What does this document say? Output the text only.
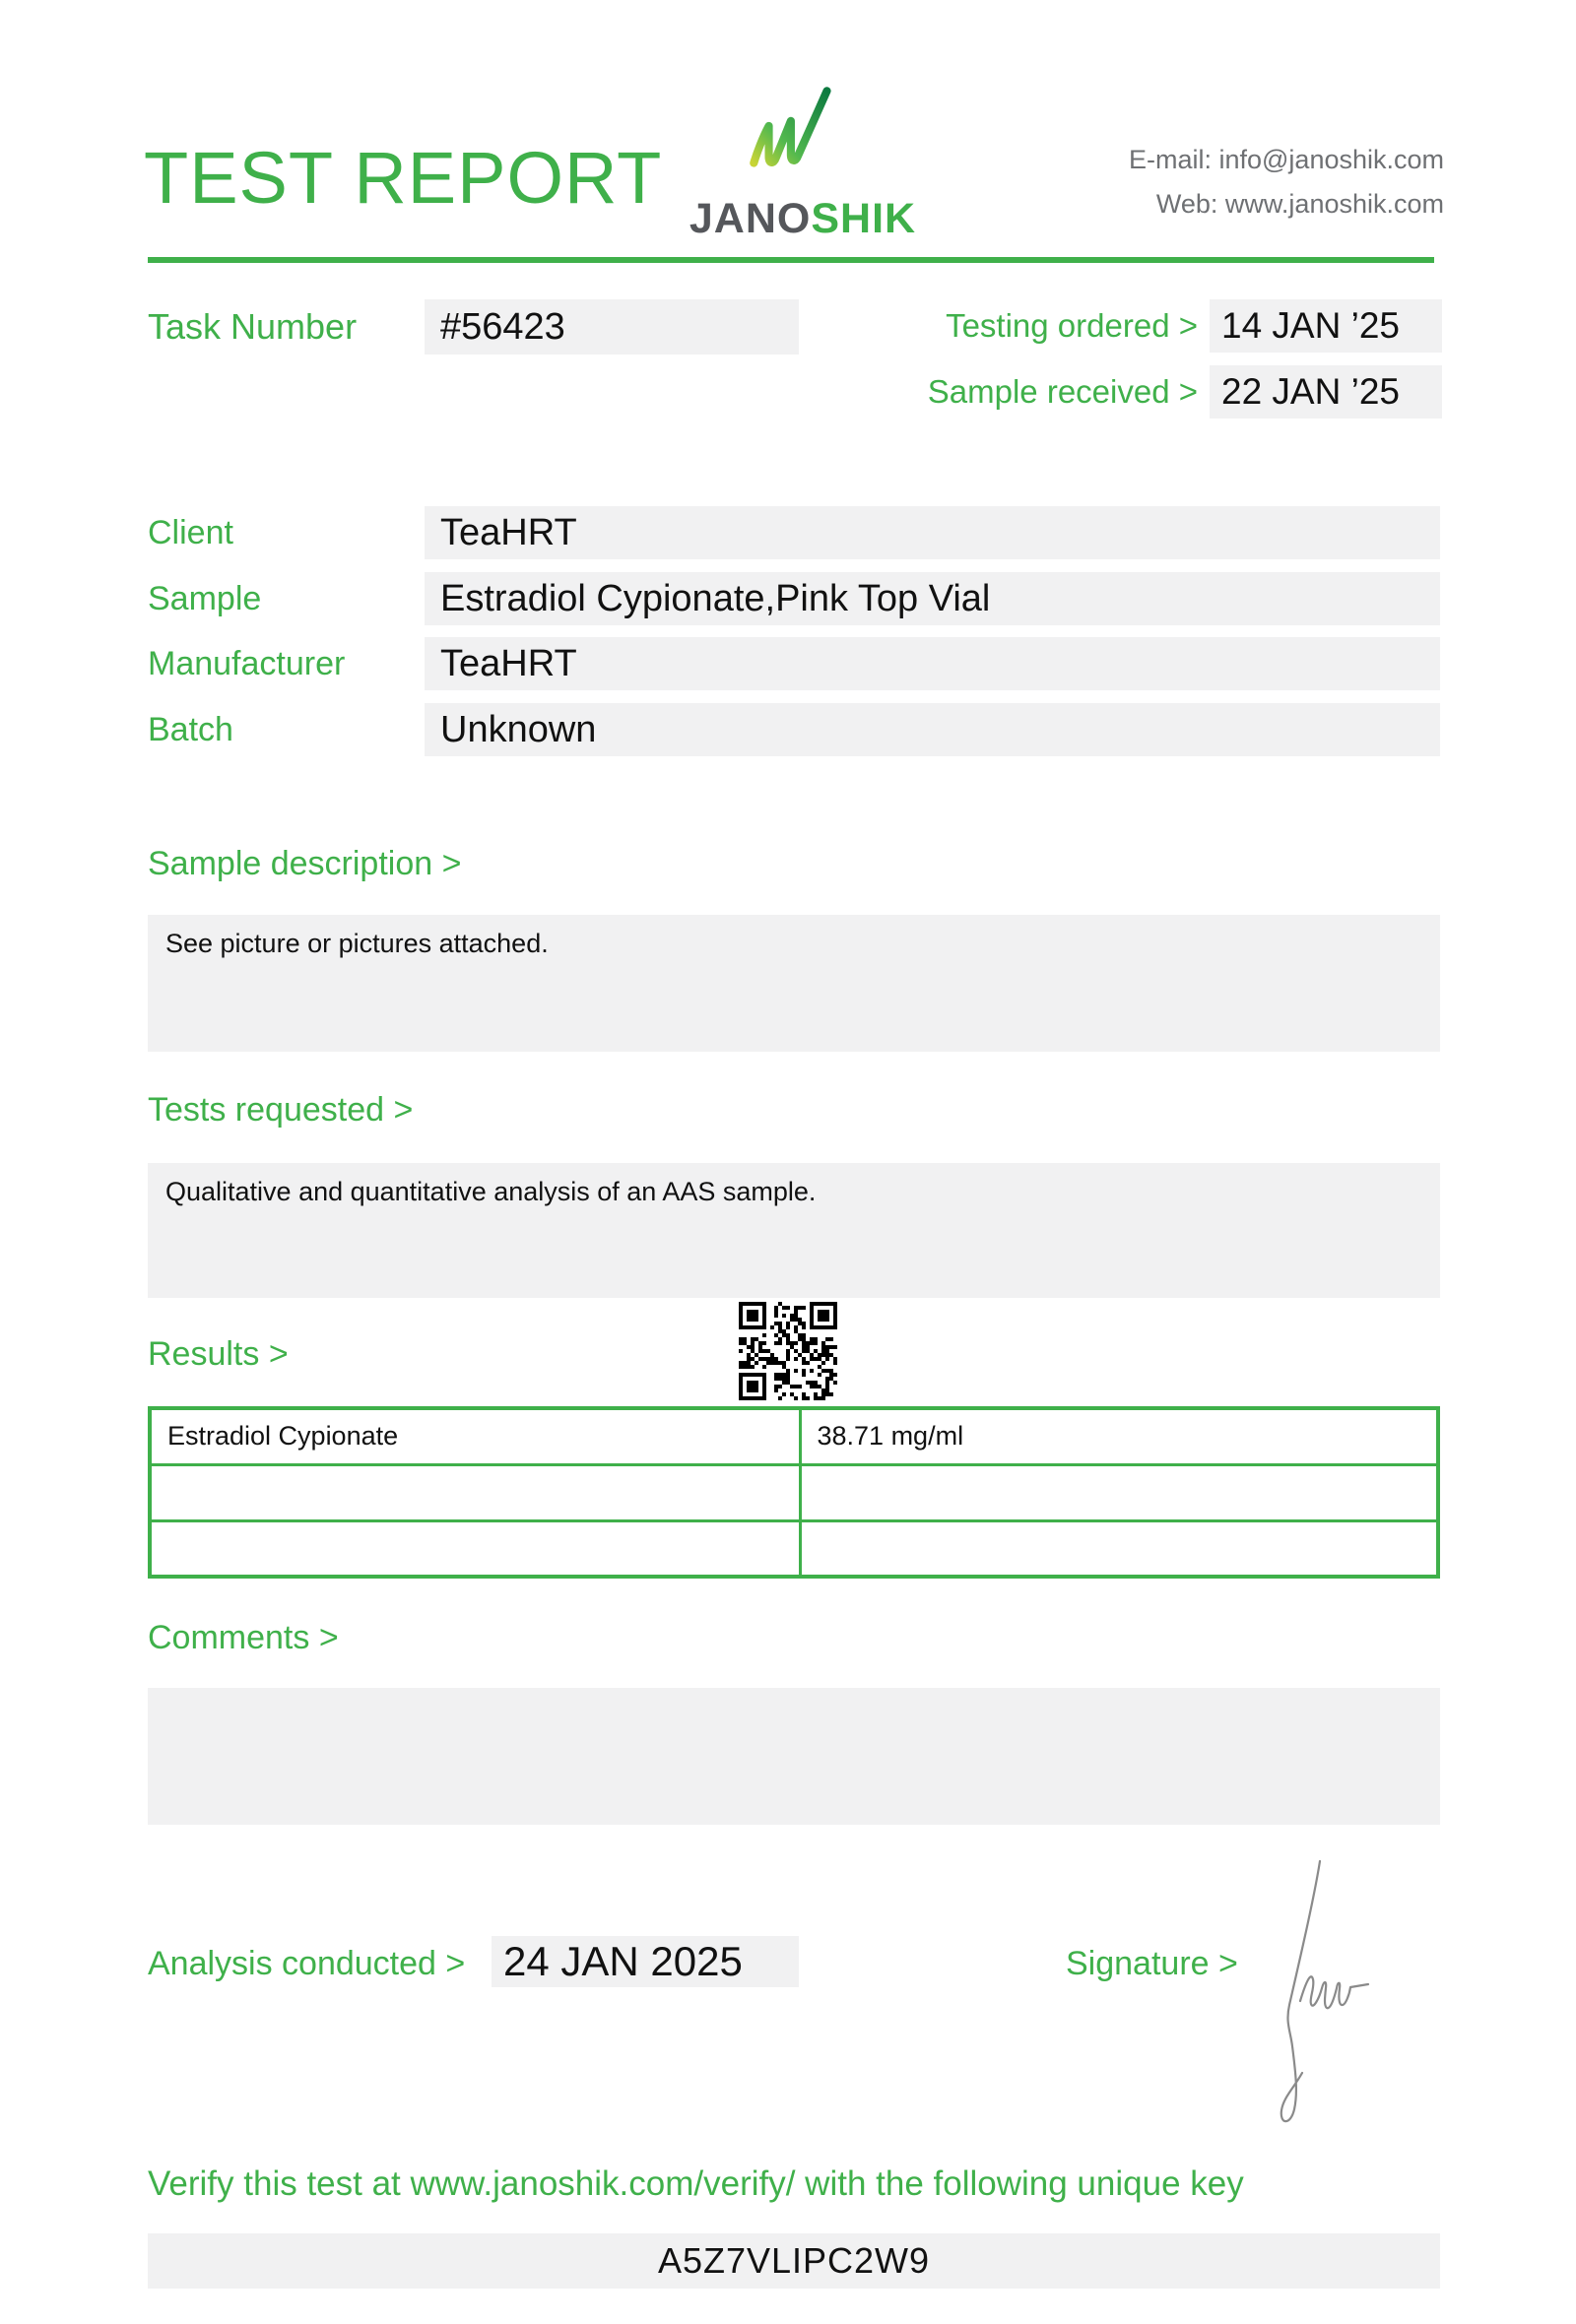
TEST REPORT JANOSHIK
E-mail: info@janoshik.com
Web: www.janoshik.com
Task Number	#56423	Testing ordered > 14 JAN ’25
Sample received > 22 JAN ’25
Client	TeaHRT
Sample	Estradiol Cypionate,Pink Top Vial
Manufacturer	TeaHRT
Batch	Unknown
Sample description >
See picture or pictures attached.
Tests requested >
Qualitative and quantitative analysis of an AAS sample.
Results >
Estradiol Cypionate	38.71 mg/ml

Comments >
Analysis conducted > 24 JAN 2025	Signature >
Verify this test at www.janoshik.com/verify/ with the following unique key
A5Z7VLIPC2W9
